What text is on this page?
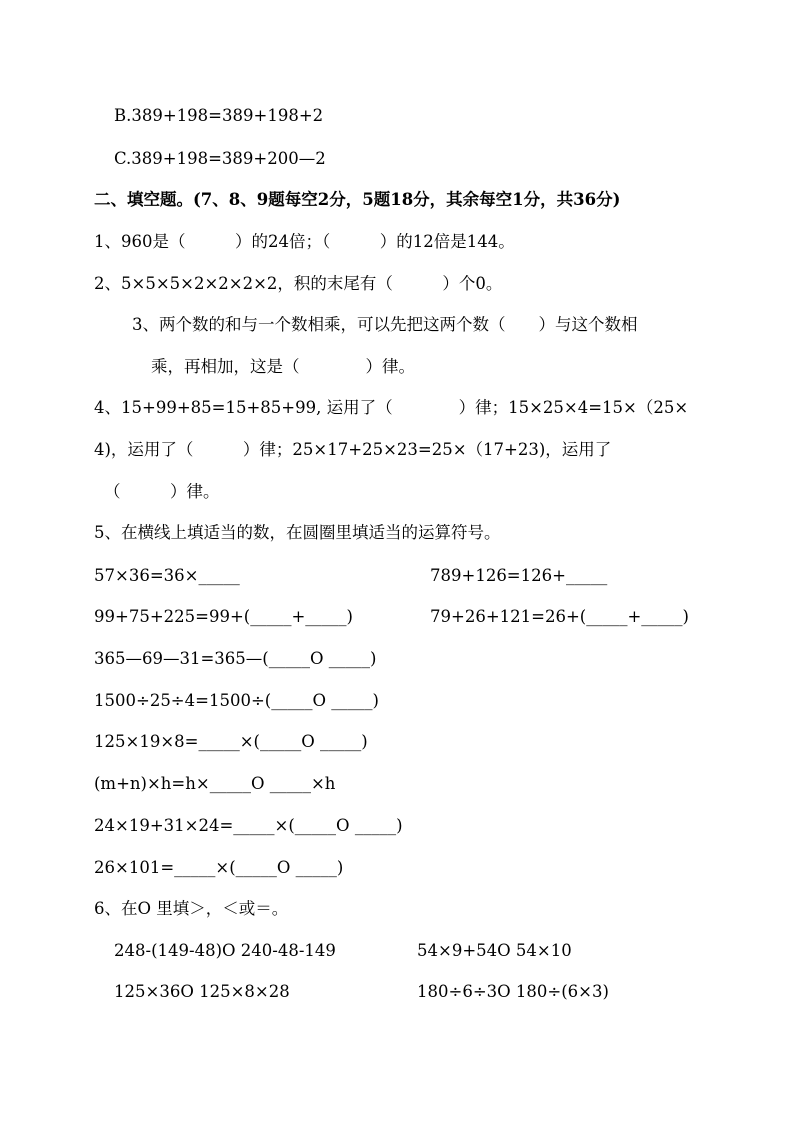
B.389+198=389+198+2
C.389+198=389+200—2
二、填空题。(7、8、9题每空2分，5题18分，其余每空1分，共36分)
1、960是（　　　）的24倍；（　　　）的12倍是144。
2、5×5×5×2×2×2×2，积的末尾有（　　　）个0。
3、两个数的和与一个数相乘，可以先把这两个数（　　）与这个数相
乘，再相加，这是（　　　　）律。
4、15+99+85=15+85+99, 运用了（　　　　）律；15×25×4=15×（25×
4)，运用了（　　　）律；25×17+25×23=25×（17+23)，运用了
（　　　）律。
5、在横线上填适当的数，在圆圈里填适当的运算符号。
57×36=36×_____	789+126=126+_____
99+75+225=99+(_____+_____)	79+26+121=26+(_____+_____)
365—69—31=365—(_____O _____)
1500÷25÷4=1500÷(_____O _____)
125×19×8=_____×(_____O _____)
(m+n)×h=h×_____O _____×h
24×19+31×24=_____×(_____O _____)
26×101=_____×(_____O _____)
6、在O 里填＞，＜或＝。
248-(149-48)O 240-48-149	54×9+54O 54×10
125×36O 125×8×28	180÷6÷3O 180÷(6×3)
